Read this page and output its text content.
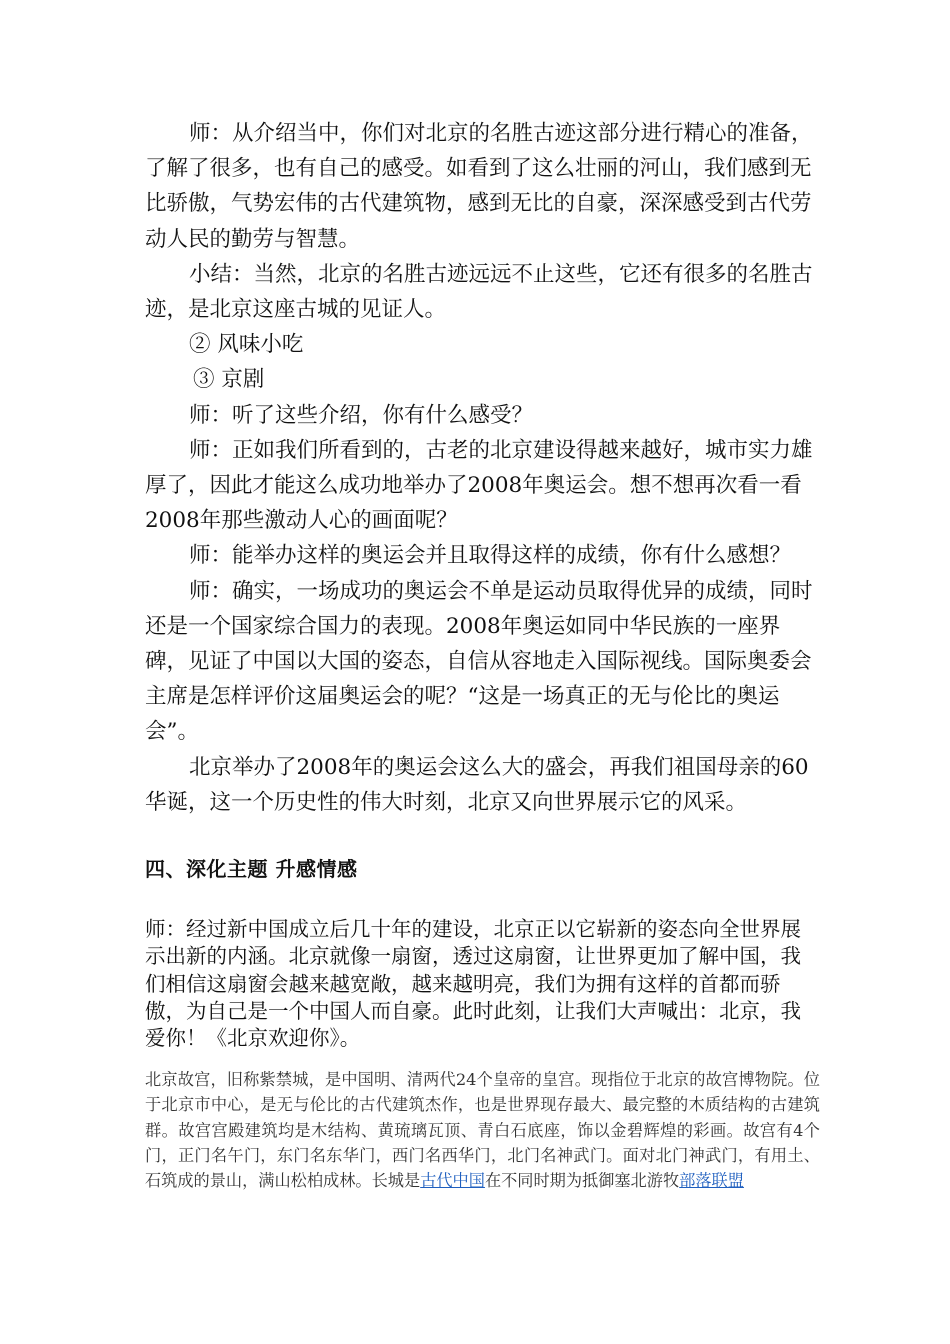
师：从介绍当中，你们对北京的名胜古迹这部分进行精心的准备，了解了很多，也有自己的感受。如看到了这么壮丽的河山，我们感到无比骄傲，气势宏伟的古代建筑物，感到无比的自豪，深深感受到古代劳动人民的勤劳与智慧。

小结：当然，北京的名胜古迹远远不止这些，它还有很多的名胜古迹，是北京这座古城的见证人。

② 风味小吃

③ 京剧

师：听了这些介绍，你有什么感受？

师：正如我们所看到的，古老的北京建设得越来越好，城市实力雄厚了，因此才能这么成功地举办了2008年奥运会。想不想再次看一看2008年那些激动人心的画面呢？

师：能举办这样的奥运会并且取得这样的成绩，你有什么感想？

师：确实，一场成功的奥运会不单是运动员取得优异的成绩，同时还是一个国家综合国力的表现。2008年奥运如同中华民族的一座界碑，见证了中国以大国的姿态，自信从容地走入国际视线。国际奥委会主席是怎样评价这届奥运会的呢？“这是一场真正的无与伦比的奥运会”。

北京举办了2008年的奥运会这么大的盛会，再我们祖国母亲的60华诞，这一个历史性的伟大时刻，北京又向世界展示它的风采。

四、深化主题 升感情感

师：经过新中国成立后几十年的建设，北京正以它崭新的姿态向全世界展示出新的内涵。北京就像一扇窗，透过这扇窗，让世界更加了解中国，我们相信这扇窗会越来越宽敞，越来越明亮，我们为拥有这样的首都而骄傲，为自己是一个中国人而自豪。此时此刻，让我们大声喊出：北京，我爱你！《北京欢迎你》。

北京故宫，旧称紫禁城，是中国明、清两代24个皇帝的皇宫。现指位于北京的故宫博物院。位于北京市中心，是无与伦比的古代建筑杰作，也是世界现存最大、最完整的木质结构的古建筑群。故宫宫殿建筑均是木结构、黄琉璃瓦顶、青白石底座，饰以金碧辉煌的彩画。故宫有4个门，正门名午门，东门名东华门，西门名西华门，北门名神武门。面对北门神武门，有用土、石筑成的景山，满山松柏成林。长城是古代中国在不同时期为抵御塞北游牧部落联盟
